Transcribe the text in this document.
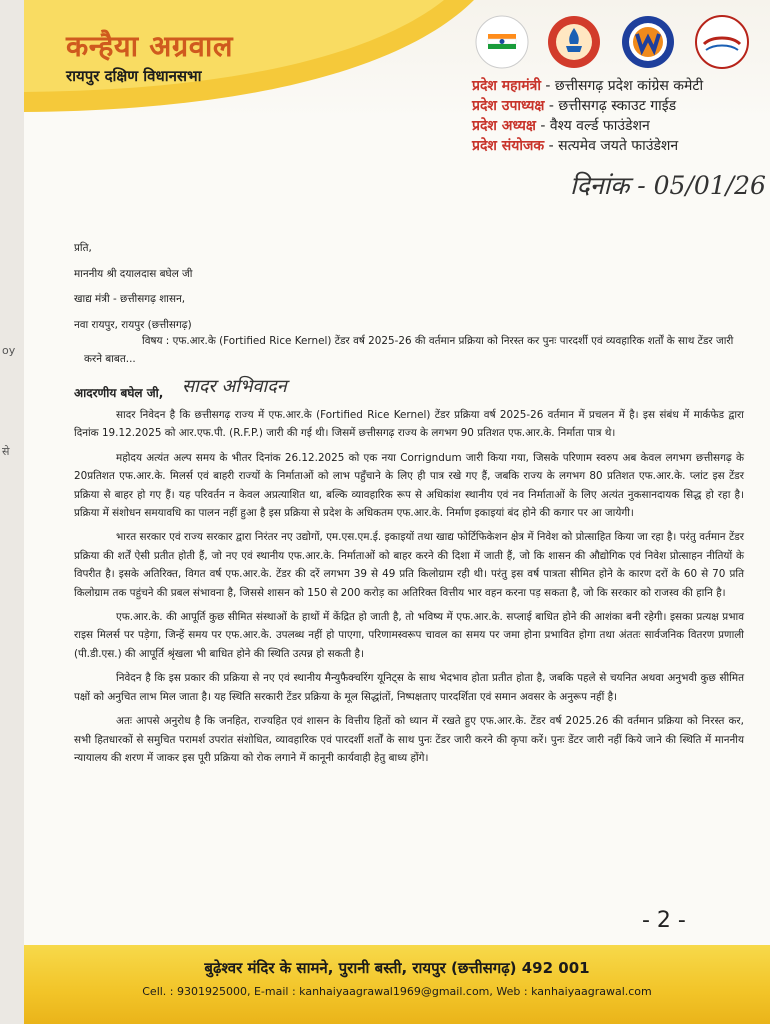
oy
से
कन्हैया अग्रवाल
रायपुर दक्षिण विधानसभा
प्रदेश महामंत्री - छत्तीसगढ़ प्रदेश कांग्रेस कमेटी
प्रदेश उपाध्यक्ष - छत्तीसगढ़ स्काउट गाईड
प्रदेश अध्यक्ष - वैश्य वर्ल्ड फाउंडेशन
प्रदेश संयोजक - सत्यमेव जयते फाउंडेशन
दिनांक - 05/01/26
प्रति,
माननीय श्री दयालदास बघेल जी
खाद्य मंत्री - छत्तीसगढ़ शासन,
नवा रायपुर, रायपुर (छत्तीसगढ़)
विषय : एफ.आर.के (Fortified Rice Kernel) टेंडर वर्ष 2025-26 की वर्तमान प्रक्रिया को निरस्त कर पुनः पारदर्शी एवं व्यवहारिक शर्तों के साथ टेंडर जारी करने बाबत...
आदरणीय बघेल जी, सादर अभिवादन

सादर निवेदन है कि छत्तीसगढ़ राज्य में एफ.आर.के (Fortified Rice Kernel) टेंडर प्रक्रिया वर्ष 2025-26 वर्तमान में प्रचलन में है। इस संबंध में मार्कफेड द्वारा दिनांक 19.12.2025 को आर.एफ.पी. (R.F.P.) जारी की गई थी। जिसमें छत्तीसगढ़ राज्य के लगभग 90 प्रतिशत एफ.आर.के. निर्माता पात्र थे।

महोदय अत्यंत अल्प समय के भीतर दिनांक 26.12.2025 को एक नया Corrigndum जारी किया गया, जिसके परिणाम स्वरुप अब केवल लगभग छत्तीसगढ़ के 20प्रतिशत एफ.आर.के. मिलर्स एवं बाहरी राज्यों के निर्माताओं को लाभ पहुँचाने के लिए ही पात्र रखे गए हैं, जबकि राज्य के लगभग 80 प्रतिशत एफ.आर.के. प्लांट इस टेंडर प्रक्रिया से बाहर हो गए हैं। यह परिवर्तन न केवल अप्रत्याशित था, बल्कि व्यावहारिक रूप से अधिकांश स्थानीय एवं नव निर्माताओं के लिए अत्यंत नुकसानदायक सिद्ध हो रहा है। प्रक्रिया में संशोधन समयावधि का पालन नहीं हुआ है इस प्रक्रिया से प्रदेश के अधिकतम एफ.आर.के. निर्माण इकाइयां बंद होने की कगार पर आ जायेगी।

भारत सरकार एवं राज्य सरकार द्वारा निरंतर नए उद्योगों, एम.एस.एम.ई. इकाइयों तथा खाद्य फोर्टिफिकेशन क्षेत्र में निवेश को प्रोत्साहित किया जा रहा है। परंतु वर्तमान टेंडर प्रक्रिया की शर्तें ऐसी प्रतीत होती हैं, जो नए एवं स्थानीय एफ.आर.के. निर्माताओं को बाहर करने की दिशा में जाती हैं, जो कि शासन की औद्योगिक एवं निवेश प्रोत्साहन नीतियों के विपरीत है। इसके अतिरिक्त, विगत वर्ष एफ.आर.के. टेंडर की दरें लगभग 39 से 49 प्रति किलोग्राम रही थी। परंतु इस वर्ष पात्रता सीमित होने के कारण दरों के 60 से 70 प्रति किलोग्राम तक पहुंचने की प्रबल संभावना है, जिससे शासन को 150 से 200 करोड़ का अतिरिक्त वित्तीय भार वहन करना पड़ सकता है, जो कि सरकार को राजस्व की हानि है।

एफ.आर.के. की आपूर्ति कुछ सीमित संस्थाओं के हाथों में केंद्रित हो जाती है, तो भविष्य में एफ.आर.के. सप्लाई बाधित होने की आशंका बनी रहेगी। इसका प्रत्यक्ष प्रभाव राइस मिलर्स पर पड़ेगा, जिन्हें समय पर एफ.आर.के. उपलब्ध नहीं हो पाएगा, परिणामस्वरूप चावल का समय पर जमा होना प्रभावित होगा तथा अंततः सार्वजनिक वितरण प्रणाली (पी.डी.एस.) की आपूर्ति श्रृंखला भी बाधित होने की स्थिति उत्पन्न हो सकती है।

निवेदन है कि इस प्रकार की प्रक्रिया से नए एवं स्थानीय मैन्युफैक्चरिंग यूनिट्स के साथ भेदभाव होता प्रतीत होता है, जबकि पहले से चयनित अथवा अनुभवी कुछ सीमित पक्षों को अनुचित लाभ मिल जाता है। यह स्थिति सरकारी टेंडर प्रक्रिया के मूल सिद्धांतों, निष्पक्षताए पारदर्शिता एवं समान अवसर के अनुरूप नहीं है।

अतः आपसे अनुरोध है कि जनहित, राज्यहित एवं शासन के वित्तीय हितों को ध्यान में रखते हुए एफ.आर.के. टेंडर वर्ष 2025.26 की वर्तमान प्रक्रिया को निरस्त कर, सभी हितधारकों से समुचित परामर्श उपरांत संशोधित, व्यावहारिक एवं पारदर्शी शर्तों के साथ पुनः टेंडर जारी करने की कृपा करें। पुनः डेंटर जारी नहीं किये जाने की स्थिति में माननीय न्यायालय की शरण में जाकर इस पूरी प्रक्रिया को रोक लगाने में कानूनी कार्यवाही हेतु बाध्य होंगे।

- 2 -
बुढ़ेश्वर मंदिर के सामने, पुरानी बस्ती, रायपुर (छत्तीसगढ़) 492 001
Cell. : 9301925000, E-mail : kanhaiyaagrawal1969@gmail.com, Web : kanhaiyaagrawal.com
